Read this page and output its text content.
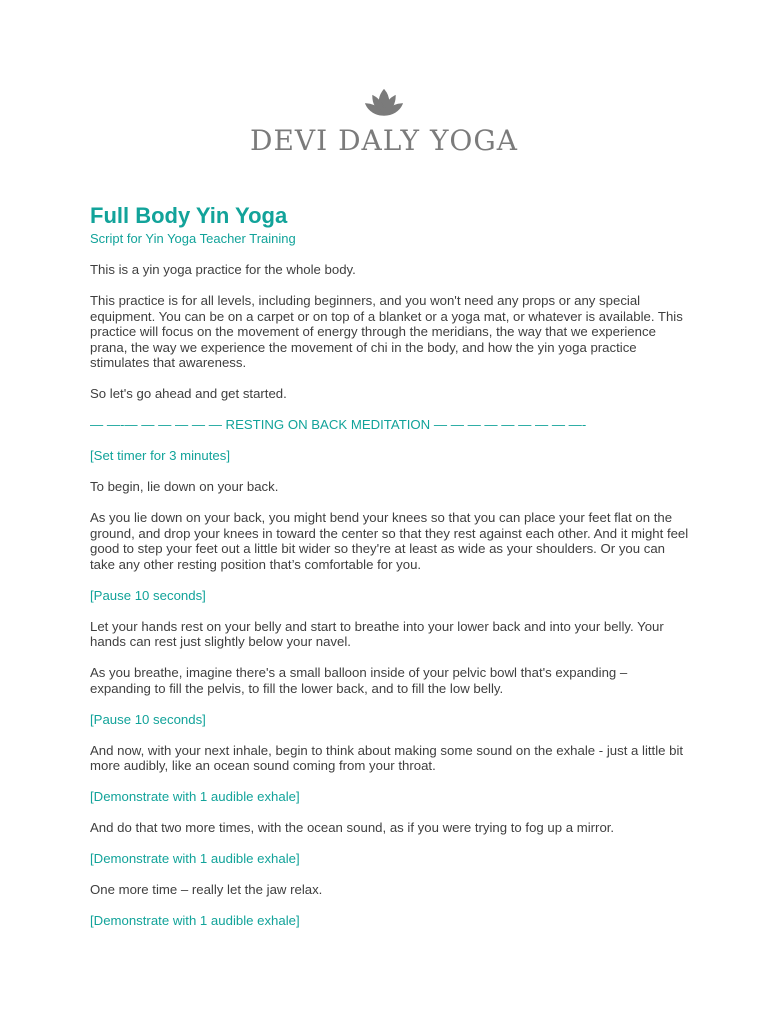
DEVI DALY YOGA
Full Body Yin Yoga

Script for Yin Yoga Teacher Training

This is a yin yoga practice for the whole body.

This practice is for all levels, including beginners, and you won't need any props or any special equipment. You can be on a carpet or on top of a blanket or a yoga mat, or whatever is available. This practice will focus on the movement of energy through the meridians, the way that we experience prana, the way we experience the movement of chi in the body, and how the yin yoga practice stimulates that awareness.

So let's go ahead and get started.

— —-— — — — — — RESTING ON BACK MEDITATION — — — — — — — — —-

[Set timer for 3 minutes]

To begin, lie down on your back.

As you lie down on your back, you might bend your knees so that you can place your feet flat on the ground, and drop your knees in toward the center so that they rest against each other. And it might feel good to step your feet out a little bit wider so they're at least as wide as your shoulders. Or you can take any other resting position that’s comfortable for you.

[Pause 10 seconds]

Let your hands rest on your belly and start to breathe into your lower back and into your belly. Your hands can rest just slightly below your navel.

As you breathe, imagine there's a small balloon inside of your pelvic bowl that's expanding – expanding to fill the pelvis, to fill the lower back, and to fill the low belly.

[Pause 10 seconds]

And now, with your next inhale, begin to think about making some sound on the exhale - just a little bit more audibly, like an ocean sound coming from your throat.

[Demonstrate with 1 audible exhale]

And do that two more times, with the ocean sound, as if you were trying to fog up a mirror.

[Demonstrate with 1 audible exhale]

One more time – really let the jaw relax.

[Demonstrate with 1 audible exhale]
